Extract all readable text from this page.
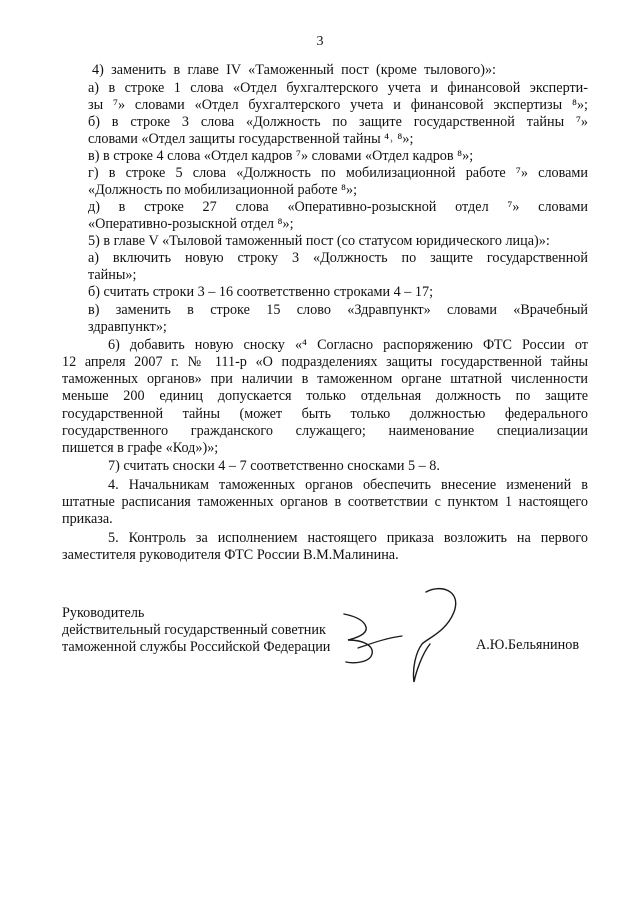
3
4) заменить в главе IV «Таможенный пост (кроме тылового)»:
а) в строке 1 слова «Отдел бухгалтерского учета и финансовой эксперти-
зы ⁷» словами «Отдел бухгалтерского учета и финансовой экспертизы ⁸»;
б) в строке 3 слова «Должность по защите государственной тайны ⁷»
словами «Отдел защиты государственной тайны ⁴˒ ⁸»;
в) в строке 4 слова «Отдел кадров ⁷» словами «Отдел кадров ⁸»;
г) в строке 5 слова «Должность по мобилизационной работе ⁷» словами
«Должность по мобилизационной работе ⁸»;
д) в строке 27 слова «Оперативно-розыскной отдел ⁷» словами
«Оперативно-розыскной отдел ⁸»;
5) в главе V «Тыловой таможенный пост (со статусом юридического лица)»:
а) включить новую строку 3 «Должность по защите государственной
тайны»;
б) считать строки 3 – 16 соответственно строками 4 – 17;
в) заменить в строке 15 слово «Здравпункт» словами «Врачебный
здравпункт»;
6) добавить новую сноску «⁴ Согласно распоряжению ФТС России от
12 апреля 2007 г. № 111-р «О подразделениях защиты государственной тайны
таможенных органов» при наличии в таможенном органе штатной численности
меньше 200 единиц допускается только отдельная должность по защите
государственной тайны (может быть только должностью федерального
государственного гражданского служащего; наименование специализации
пишется в графе «Код»)»;
7) считать сноски 4 – 7 соответственно сносками 5 – 8.
4. Начальникам таможенных органов обеспечить внесение изменений в
штатные расписания таможенных органов в соответствии с пунктом 1 настоящего
приказа.
5. Контроль за исполнением настоящего приказа возложить на первого
заместителя руководителя ФТС России В.М.Малинина.
Руководитель
действительный государственный советник
таможенной службы Российской Федерации	А.Ю.Бельянинов
